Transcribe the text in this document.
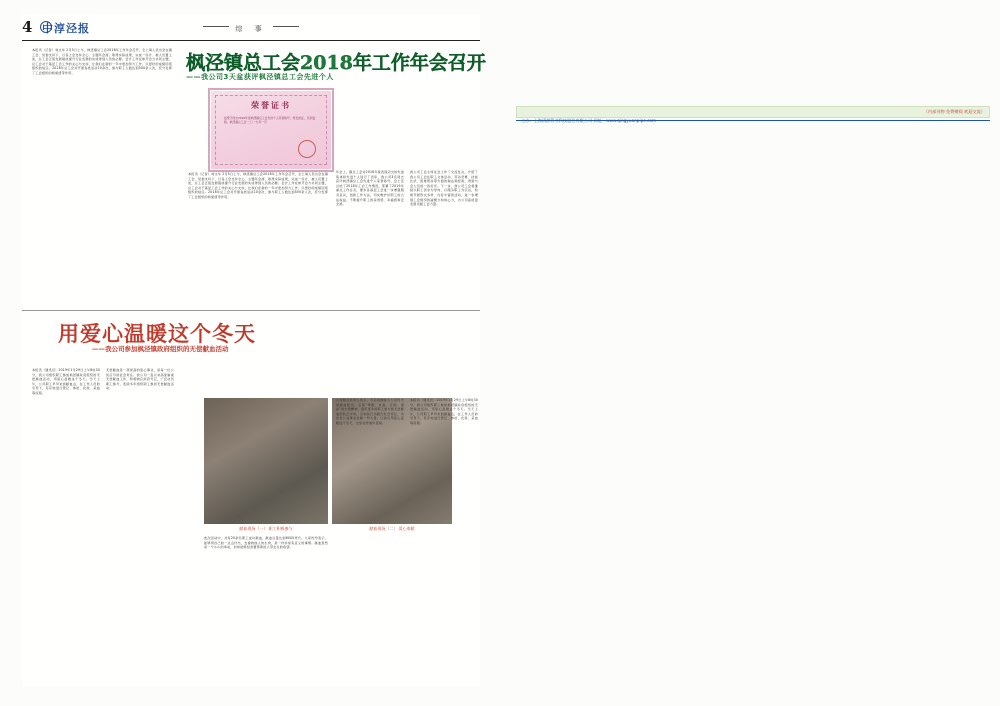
4 中淳泾报	综 事
枫泾镇总工会2018年工作年会召开
——我公司3天盆获评枫泾镇总工会先进个人
荣誉证书
兹授予同志2018年度枫泾镇总工会先进个人荣誉称号，特发此证，以资鼓励。枫泾镇总工会 二〇一九年一月
本报讯（记者）刘文华 2月5日上午，枫泾镇总工会2018年工作年会召开，全上海人员出会在镇工会、党委支持下，以各上会支持全心、主题年会排，取得实际成果，完成一些计、被人员置上述，总工会正促发展提质提升行业发展的实质得到人员的必要。会计工作在体开会力共同主题，总工会对于基层工会工作的关心与支持，让我们在新的一年中更加努力工作，以更好的成绩回报组织的信任。2018年总工会共开展各类活动10余次，参与职工人数达到500余人次，充分发挥了工会组织的桥梁纽带作用。
年会上，镇总工会对2018年度表现突出的先进集体和先进个人进行了表彰，我公司3名同志获评枫泾镇总工会先进个人荣誉称号。会上还总结了2018年工会工作情况，部署了2019年重点工作任务，要求各基层工会进一步增强服务意识，创新工作方法，切实维护好职工的合法权益，不断提升职工的获得感、幸福感和安全感。
我公司工会主席在会上作了交流发言，介绍了我公司工会在职工文体活动、劳动竞赛、技能比武、困难帮扶等方面的做法和经验，得到与会人员的一致好评。下一步，我公司工会将继续以职工需求为导向，以服务职工为宗旨，积极开展形式多样、内容丰富的活动，进一步增强工会组织的凝聚力和向心力，为公司高质量发展贡献工会力量。
本报讯（记者）刘文华 2月5日上午，枫泾镇总工会2018年工作年会召开，全上海人员出会在镇工会、党委支持下，以各上会支持全心、主题年会排，取得实际成果，完成一些计、被人员置上述，总工会正促发展提质提升行业发展的实质得到人员的必要。会计工作在体开会力共同主题，总工会对于基层工会工作的关心与支持，让我们在新的一年中更加努力工作，以更好的成绩回报组织的信任。2018年总工会共开展各类活动10余次，参与职工人数达到500余人次，充分发挥了工会组织的桥梁纽带作用。
用爱心温暖这个冬天
——我公司参加枫泾镇政府组织的无偿献血活动
献血现场（一） 职工积极参与	献血现场（二） 爱心奉献
本报讯（通讯员）2019年1月29日上午8时30分，我公司组织职工参加枫泾镇政府组织的无偿献血活动，用爱心温暖这个冬天。当天上午，公司职工早早来到献血点，在工作人员的引导下，有序地进行登记、体检、化验、采血等流程。
无偿献血是一项崇高的爱心事业，是每一位公民应尽的社会责任。我公司一直以来高度重视无偿献血工作，积极响应政府号召，广泛动员职工参与，连续多年组织职工参加无偿献血活动。
此次活动中，共有20余名职工成功献血，献血总量达到6000毫升。大家纷纷表示，能够用自己的一点点付出，去挽救他人的生命，是一件非常有意义的事情。献血虽然是一个小小的举动，但却能够给需要帮助的人带去生的希望。
公司相关负责人表示，今后将继续大力宣传无偿献血知识，弘扬“奉献、友爱、互助、进步”的志愿精神，组织更多的职工参与到无偿献血的队伍中来，以实际行动践行社会责任，为社会公益事业贡献一份力量。让我们用爱心温暖这个冬天，让爱在传递中延续。
本报讯（通讯员）2019年1月29日上午8时30分，我公司组织职工参加枫泾镇政府组织的无偿献血活动，用爱心温暖这个冬天。当天上午，公司职工早早来到献血点，在工作人员的引导下，有序地进行登记、体检、化验、采血等流程。
（内部刊物 免费赠阅 欢迎交流）
